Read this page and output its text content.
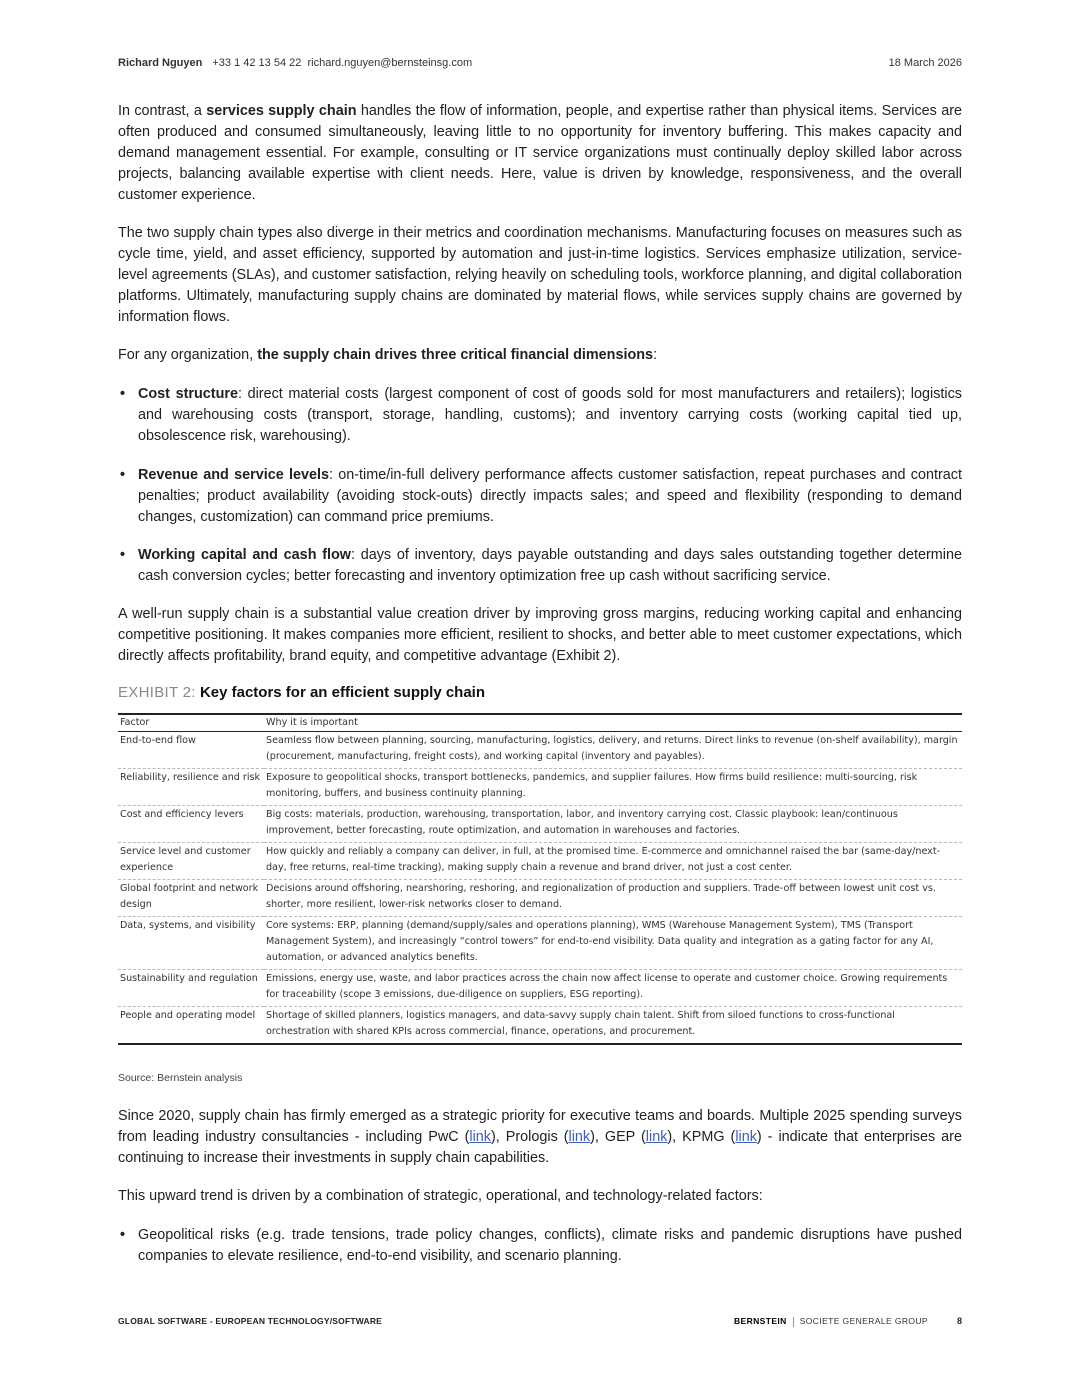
Richard Nguyen +33 1 42 13 54 22 richard.nguyen@bernsteinsg.com	18 March 2026

In contrast, a services supply chain handles the flow of information, people, and expertise rather than physical items. Services are often produced and consumed simultaneously, leaving little to no opportunity for inventory buffering. This makes capacity and demand management essential. For example, consulting or IT service organizations must continually deploy skilled labor across projects, balancing available expertise with client needs. Here, value is driven by knowledge, responsiveness, and the overall customer experience.

The two supply chain types also diverge in their metrics and coordination mechanisms. Manufacturing focuses on measures such as cycle time, yield, and asset efficiency, supported by automation and just-in-time logistics. Services emphasize utilization, service-level agreements (SLAs), and customer satisfaction, relying heavily on scheduling tools, workforce planning, and digital collaboration platforms. Ultimately, manufacturing supply chains are dominated by material flows, while services supply chains are governed by information flows.

For any organization, the supply chain drives three critical financial dimensions:

• Cost structure: direct material costs (largest component of cost of goods sold for most manufacturers and retailers); logistics and warehousing costs (transport, storage, handling, customs); and inventory carrying costs (working capital tied up, obsolescence risk, warehousing).
• Revenue and service levels: on-time/in-full delivery performance affects customer satisfaction, repeat purchases and contract penalties; product availability (avoiding stock-outs) directly impacts sales; and speed and flexibility (responding to demand changes, customization) can command price premiums.
• Working capital and cash flow: days of inventory, days payable outstanding and days sales outstanding together determine cash conversion cycles; better forecasting and inventory optimization free up cash without sacrificing service.

A well-run supply chain is a substantial value creation driver by improving gross margins, reducing working capital and enhancing competitive positioning. It makes companies more efficient, resilient to shocks, and better able to meet customer expectations, which directly affects profitability, brand equity, and competitive advantage (Exhibit 2).

EXHIBIT 2: Key factors for an efficient supply chain
Factor	Why it is important
End-to-end flow	Seamless flow between planning, sourcing, manufacturing, logistics, delivery, and returns. Direct links to revenue (on-shelf availability), margin (procurement, manufacturing, freight costs), and working capital (inventory and payables).
Reliability, resilience and risk	Exposure to geopolitical shocks, transport bottlenecks, pandemics, and supplier failures. How firms build resilience: multi-sourcing, risk monitoring, buffers, and business continuity planning.
Cost and efficiency levers	Big costs: materials, production, warehousing, transportation, labor, and inventory carrying cost. Classic playbook: lean/continuous improvement, better forecasting, route optimization, and automation in warehouses and factories.
Service level and customer experience	How quickly and reliably a company can deliver, in full, at the promised time. E-commerce and omnichannel raised the bar (same-day/next-day, free returns, real-time tracking), making supply chain a revenue and brand driver, not just a cost center.
Global footprint and network design	Decisions around offshoring, nearshoring, reshoring, and regionalization of production and suppliers. Trade-off between lowest unit cost vs. shorter, more resilient, lower-risk networks closer to demand.
Data, systems, and visibility	Core systems: ERP, planning (demand/supply/sales and operations planning), WMS (Warehouse Management System), TMS (Transport Management System), and increasingly “control towers” for end-to-end visibility. Data quality and integration as a gating factor for any AI, automation, or advanced analytics benefits.
Sustainability and regulation	Emissions, energy use, waste, and labor practices across the chain now affect license to operate and customer choice. Growing requirements for traceability (scope 3 emissions, due-diligence on suppliers, ESG reporting).
People and operating model	Shortage of skilled planners, logistics managers, and data-savvy supply chain talent. Shift from siloed functions to cross-functional orchestration with shared KPIs across commercial, finance, operations, and procurement.
Source: Bernstein analysis

Since 2020, supply chain has firmly emerged as a strategic priority for executive teams and boards. Multiple 2025 spending surveys from leading industry consultancies - including PwC (link), Prologis (link), GEP (link), KPMG (link) - indicate that enterprises are continuing to increase their investments in supply chain capabilities.

This upward trend is driven by a combination of strategic, operational, and technology-related factors:

• Geopolitical risks (e.g. trade tensions, trade policy changes, conflicts), climate risks and pandemic disruptions have pushed companies to elevate resilience, end-to-end visibility, and scenario planning.
GLOBAL SOFTWARE - EUROPEAN TECHNOLOGY/SOFTWARE	BERNSTEIN SOCIETE GENERALE GROUP	8
